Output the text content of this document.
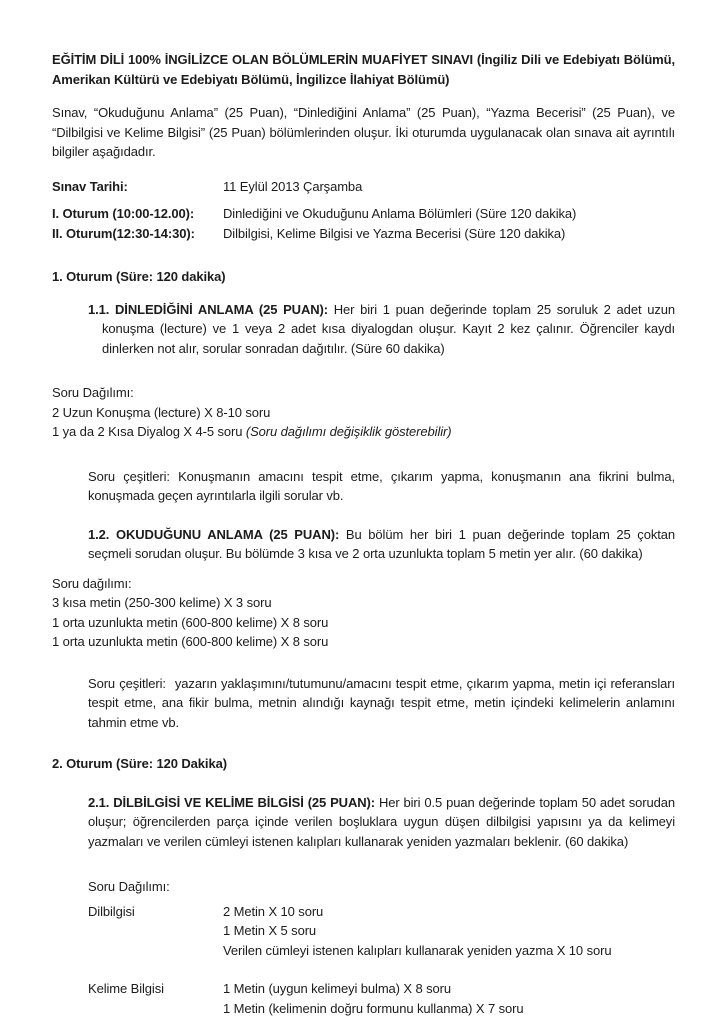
EĞİTİM DİLİ 100% İNGİLİZCE OLAN BÖLÜMLERİN MUAFİYET SINAVI (İngiliz Dili ve Edebiyatı Bölümü, Amerikan Kültürü ve Edebiyatı Bölümü, İngilizce İlahiyat Bölümü)

Sınav, “Okuduğunu Anlama” (25 Puan), “Dinlediğini Anlama” (25 Puan), “Yazma Becerisi” (25 Puan), ve “Dilbilgisi ve Kelime Bilgisi” (25 Puan) bölümlerinden oluşur. İki oturumda uygulanacak olan sınava ait ayrıntılı bilgiler aşağıdadır.

Sınav Tarihi:	11 Eylül 2013 Çarşamba
I. Oturum (10:00-12.00):	Dinlediğini ve Okuduğunu Anlama Bölümleri (Süre 120 dakika)
II. Oturum(12:30-14:30):	Dilbilgisi, Kelime Bilgisi ve Yazma Becerisi (Süre 120 dakika)

1. Oturum (Süre: 120 dakika)

1.1. DİNLEDİĞİNİ ANLAMA (25 PUAN): Her biri 1 puan değerinde toplam 25 soruluk 2 adet uzun konuşma (lecture) ve 1 veya 2 adet kısa diyalogdan oluşur. Kayıt 2 kez çalınır. Öğrenciler kaydı dinlerken not alır, sorular sonradan dağıtılır. (Süre 60 dakika)

Soru Dağılımı:
2 Uzun Konuşma (lecture) X 8-10 soru
1 ya da 2 Kısa Diyalog X 4-5 soru (Soru dağılımı değişiklik gösterebilir)

Soru çeşitleri: Konuşmanın amacını tespit etme, çıkarım yapma, konuşmanın ana fikrini bulma, konuşmada geçen ayrıntılarla ilgili sorular vb.

1.2. OKUDUĞUNU ANLAMA (25 PUAN): Bu bölüm her biri 1 puan değerinde toplam 25 çoktan seçmeli sorudan oluşur. Bu bölümde 3 kısa ve 2 orta uzunlukta toplam 5 metin yer alır. (60 dakika)

Soru dağılımı:
3 kısa metin (250-300 kelime) X 3 soru
1 orta uzunlukta metin (600-800 kelime) X 8 soru
1 orta uzunlukta metin (600-800 kelime) X 8 soru

Soru çeşitleri: yazarın yaklaşımını/tutumunu/amacını tespit etme, çıkarım yapma, metin içi referansları tespit etme, ana fikir bulma, metnin alındığı kaynağı tespit etme, metin içindeki kelimelerin anlamını tahmin etme vb.

2. Oturum (Süre: 120 Dakika)

2.1. DİLBİLGİSİ VE KELİME BİLGİSİ (25 PUAN): Her biri 0.5 puan değerinde toplam 50 adet sorudan oluşur; öğrencilerden parça içinde verilen boşluklara uygun düşen dilbilgisi yapısını ya da kelimeyi yazmaları ve verilen cümleyi istenen kalıpları kullanarak yeniden yazmaları beklenir. (60 dakika)

Soru Dağılımı:

Dilbilgisi	2 Metin X 10 soru
1 Metin X 5 soru
Verilen cümleyi istenen kalıpları kullanarak yeniden yazma X 10 soru
Kelime Bilgisi	1 Metin (uygun kelimeyi bulma) X 8 soru
1 Metin (kelimenin doğru formunu kullanma) X 7 soru
